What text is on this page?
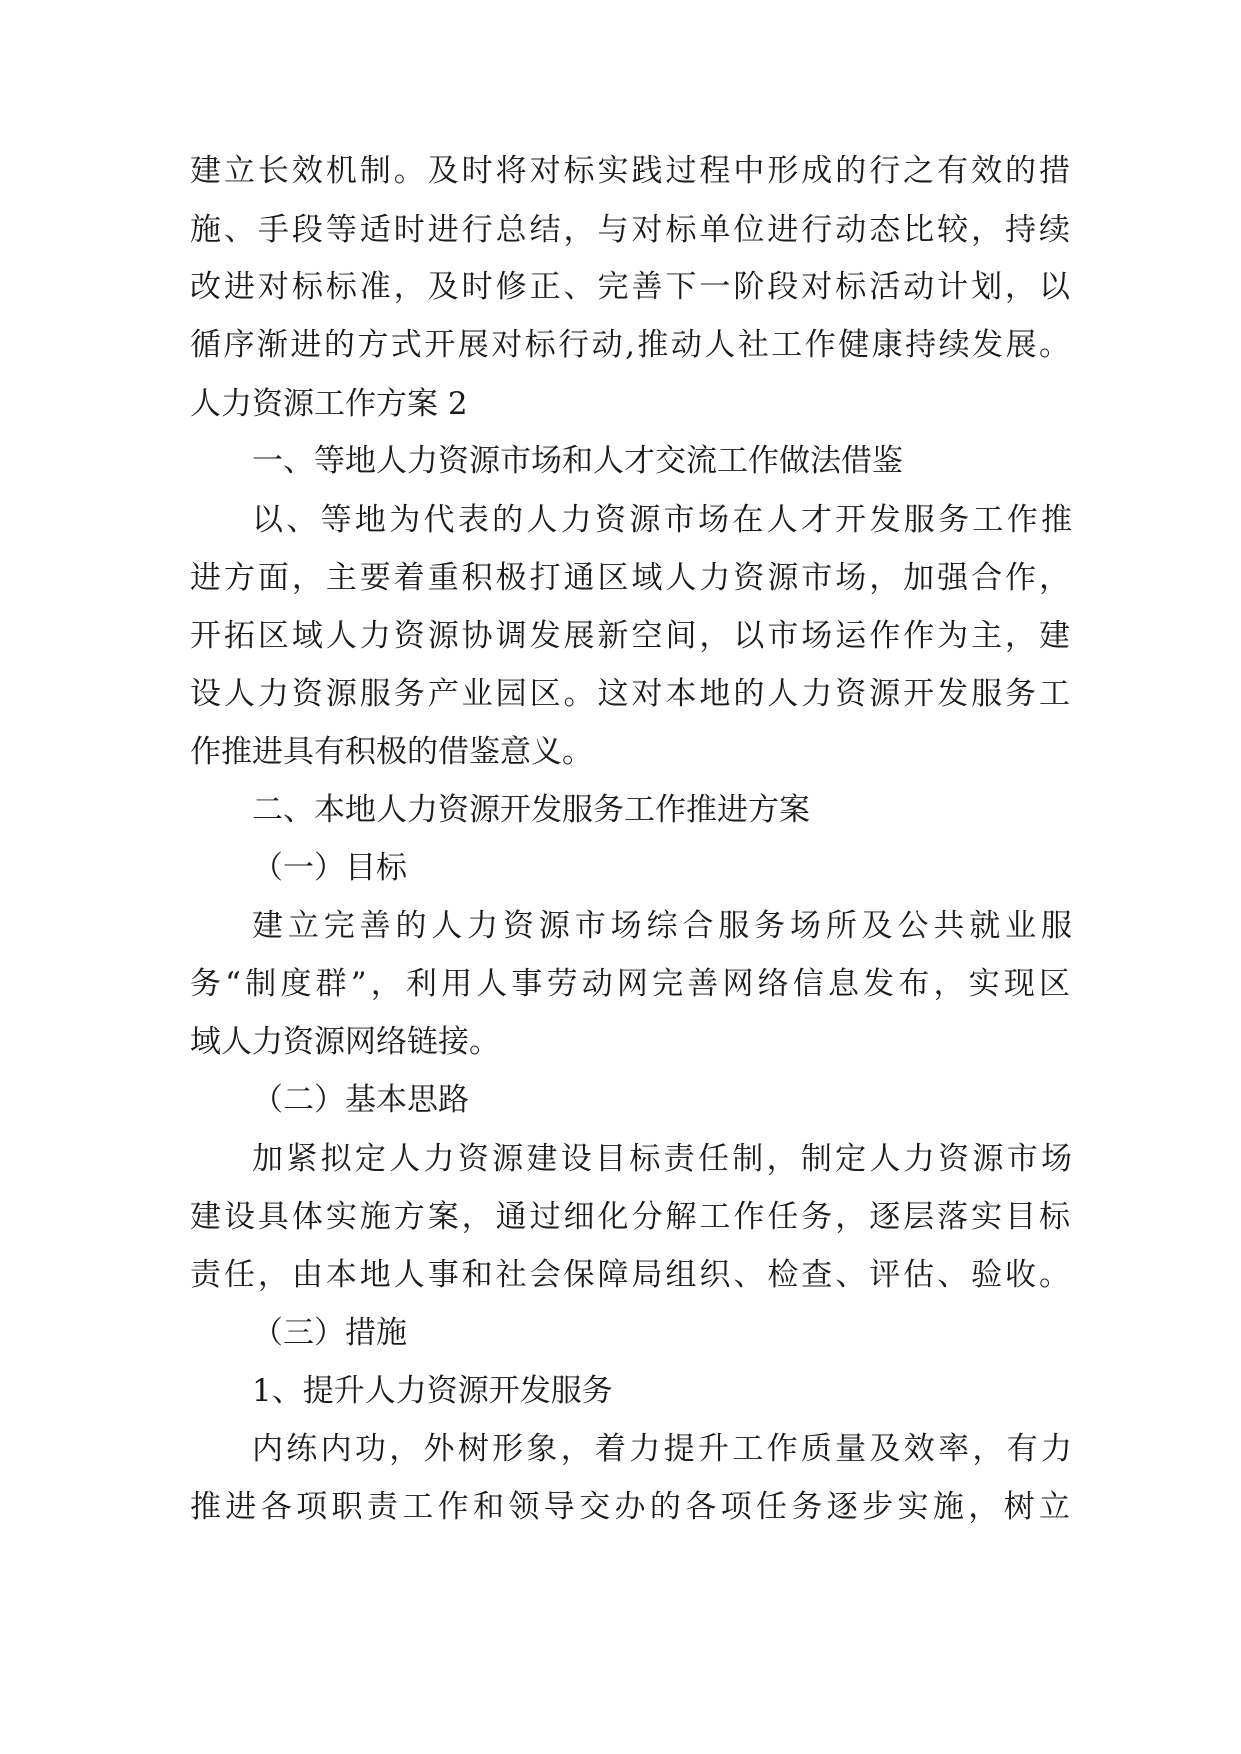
建立长效机制。及时将对标实践过程中形成的行之有效的措
施、手段等适时进行总结，与对标单位进行动态比较，持续
改进对标标准，及时修正、完善下一阶段对标活动计划，以
循序渐进的方式开展对标行动,推动人社工作健康持续发展。
人力资源工作方案 2
一、等地人力资源市场和人才交流工作做法借鉴
以、等地为代表的人力资源市场在人才开发服务工作推
进方面，主要着重积极打通区域人力资源市场，加强合作，
开拓区域人力资源协调发展新空间，以市场运作作为主，建
设人力资源服务产业园区。这对本地的人力资源开发服务工
作推进具有积极的借鉴意义。
二、本地人力资源开发服务工作推进方案
（一）目标
建立完善的人力资源市场综合服务场所及公共就业服
务“制度群”，利用人事劳动网完善网络信息发布，实现区
域人力资源网络链接。
（二）基本思路
加紧拟定人力资源建设目标责任制，制定人力资源市场
建设具体实施方案，通过细化分解工作任务，逐层落实目标
责任，由本地人事和社会保障局组织、检查、评估、验收。
（三）措施
1、提升人力资源开发服务
内练内功，外树形象，着力提升工作质量及效率，有力
推进各项职责工作和领导交办的各项任务逐步实施，树立
